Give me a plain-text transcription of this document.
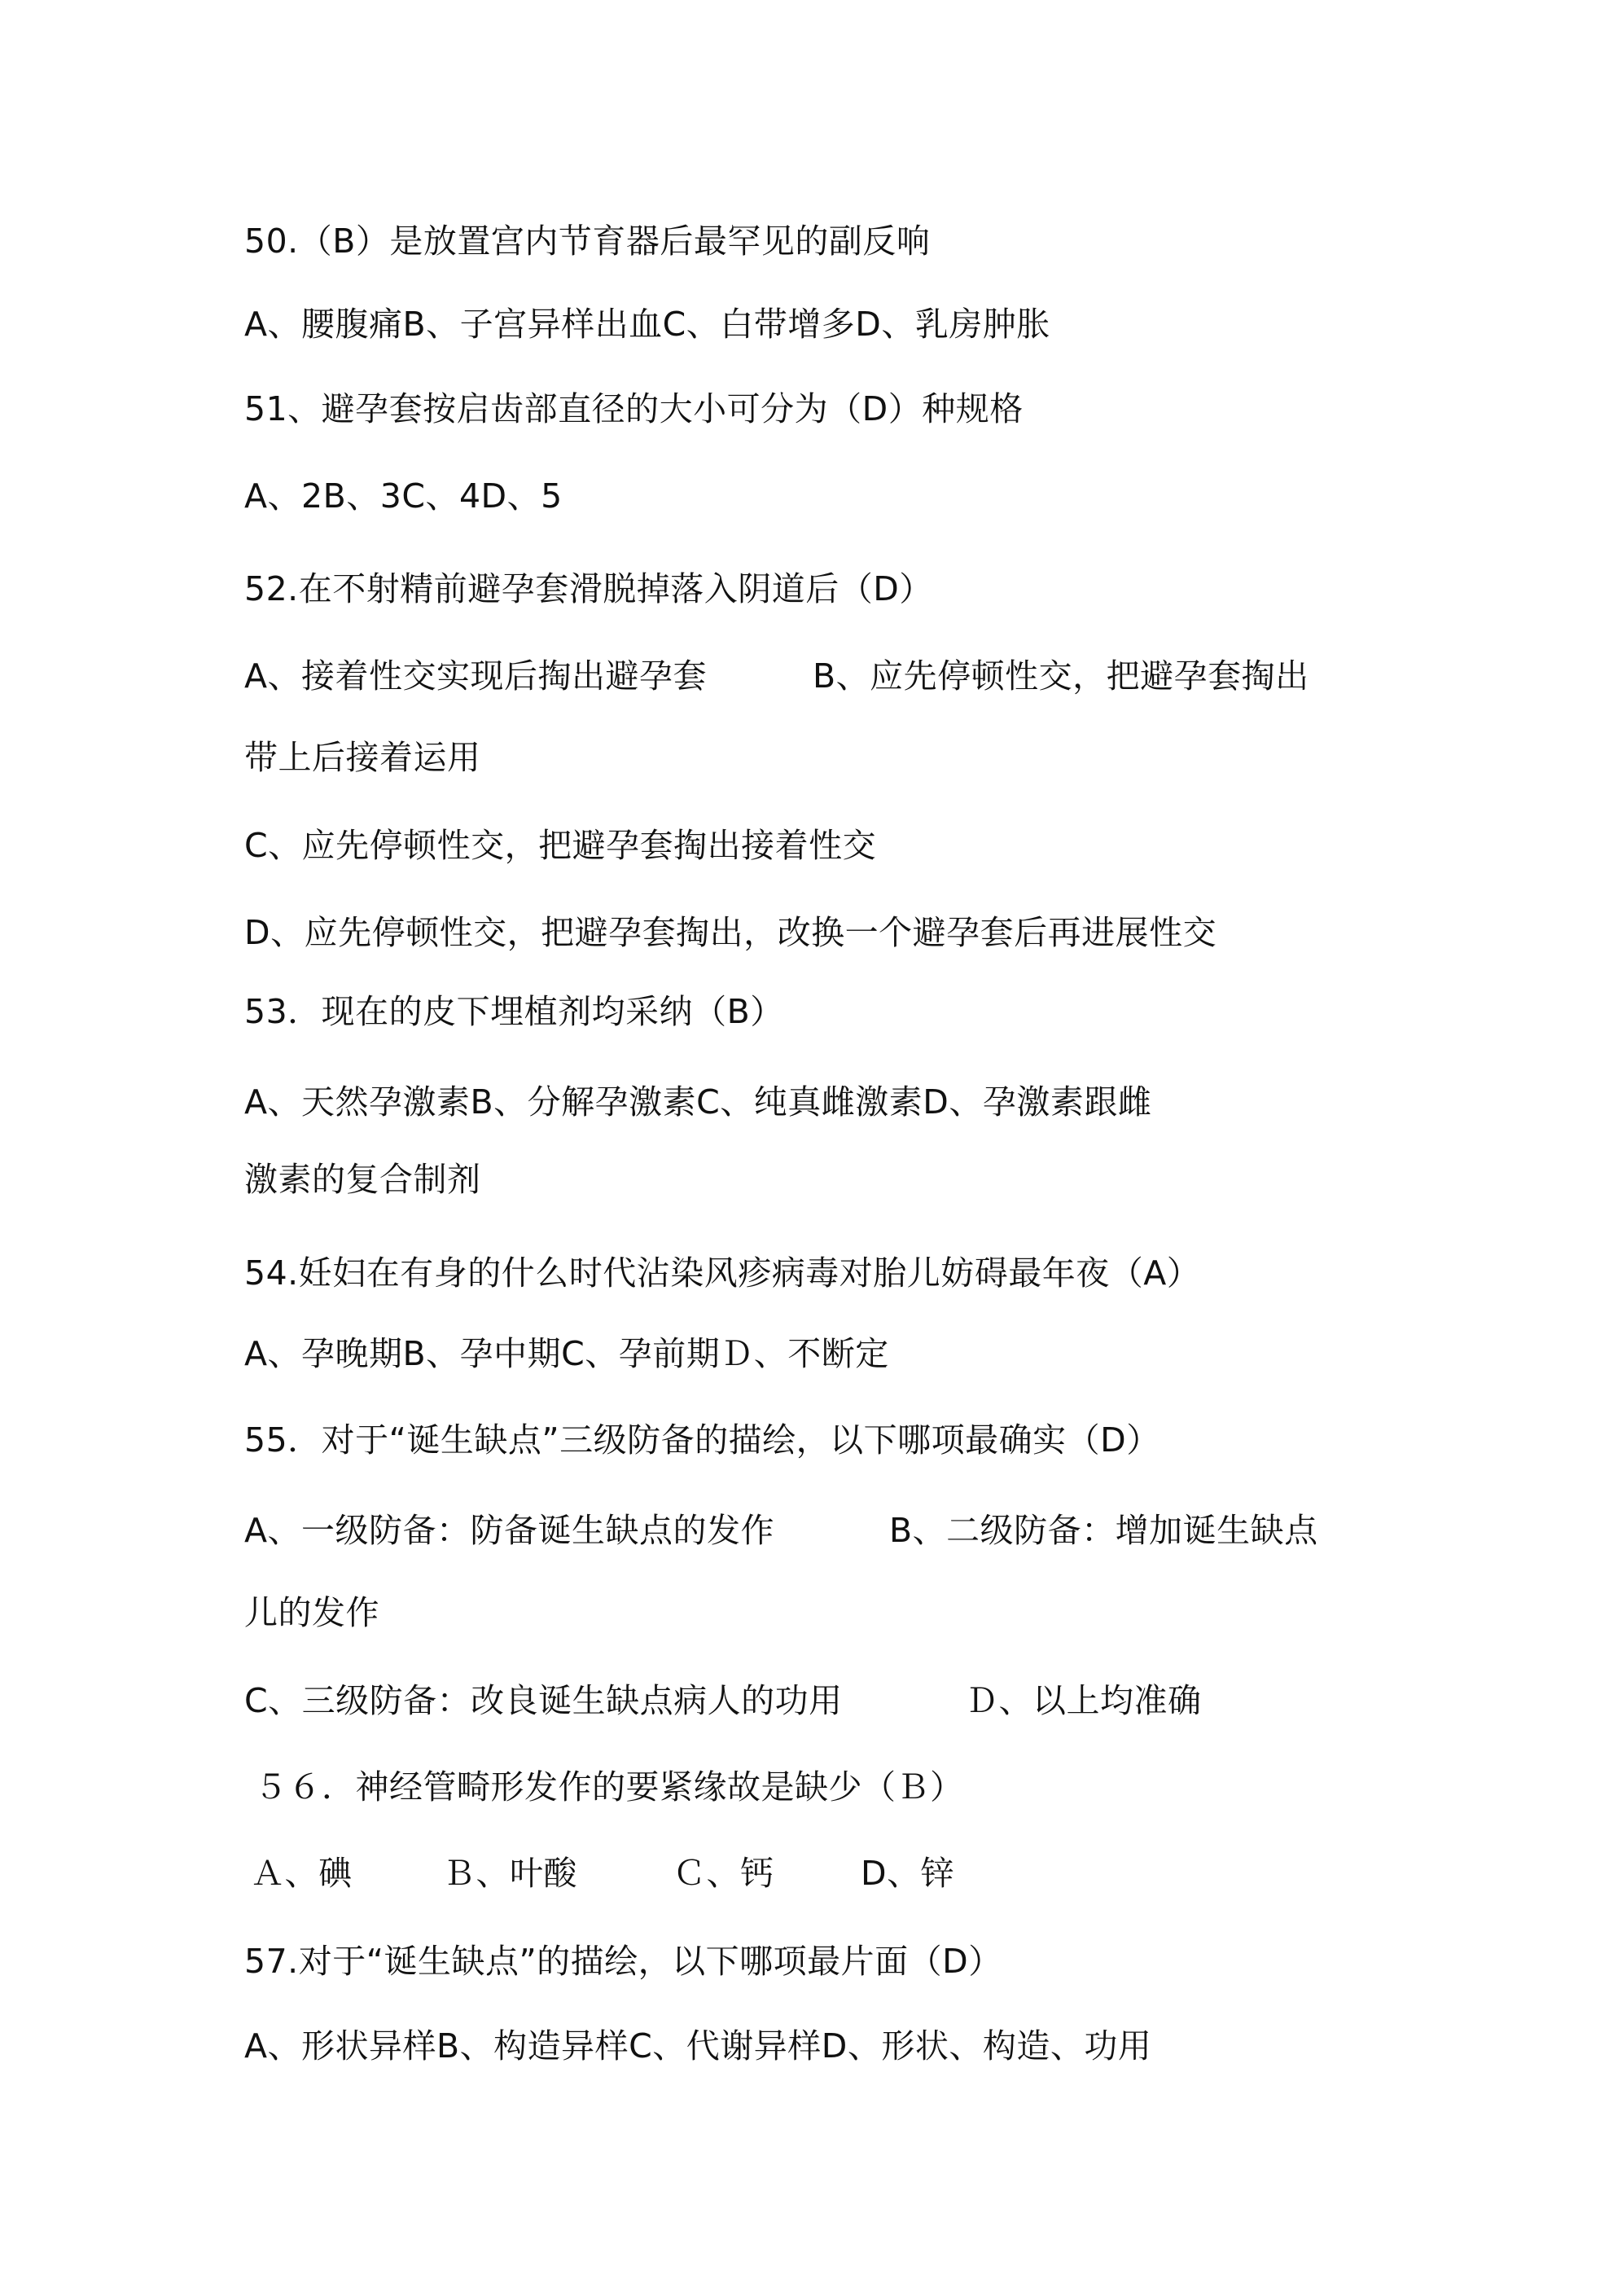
50.（B）是放置宫内节育器后最罕见的副反响
A、腰腹痛B、子宫异样出血C、白带增多D、乳房肿胀
51、避孕套按启齿部直径的大小可分为（D）种规格
A、2B、3C、4D、5
52.在不射精前避孕套滑脱掉落入阴道后（D）
A、接着性交实现后掏出避孕套	B、应先停顿性交，把避孕套掏出
带上后接着运用
C、应先停顿性交，把避孕套掏出接着性交
D、应先停顿性交，把避孕套掏出，改换一个避孕套后再进展性交
53．现在的皮下埋植剂均采纳（B）
A、天然孕激素B、分解孕激素C、纯真雌激素D、孕激素跟雌
激素的复合制剂
54.妊妇在有身的什么时代沾染风疹病毒对胎儿妨碍最年夜（A）
A、孕晚期B、孕中期C、孕前期Ｄ、不断定
55．对于“诞生缺点”三级防备的描绘，以下哪项最确实（D）
A、一级防备：防备诞生缺点的发作	B、二级防备：增加诞生缺点
儿的发作
C、三级防备：改良诞生缺点病人的功用	Ｄ、以上均准确
５６．神经管畸形发作的要紧缘故是缺少（Ｂ）
Ａ、碘	Ｂ、叶酸	Ｃ、钙	D、锌
57.对于“诞生缺点”的描绘，以下哪项最片面（D）
A、形状异样B、构造异样C、代谢异样D、形状、构造、功用
